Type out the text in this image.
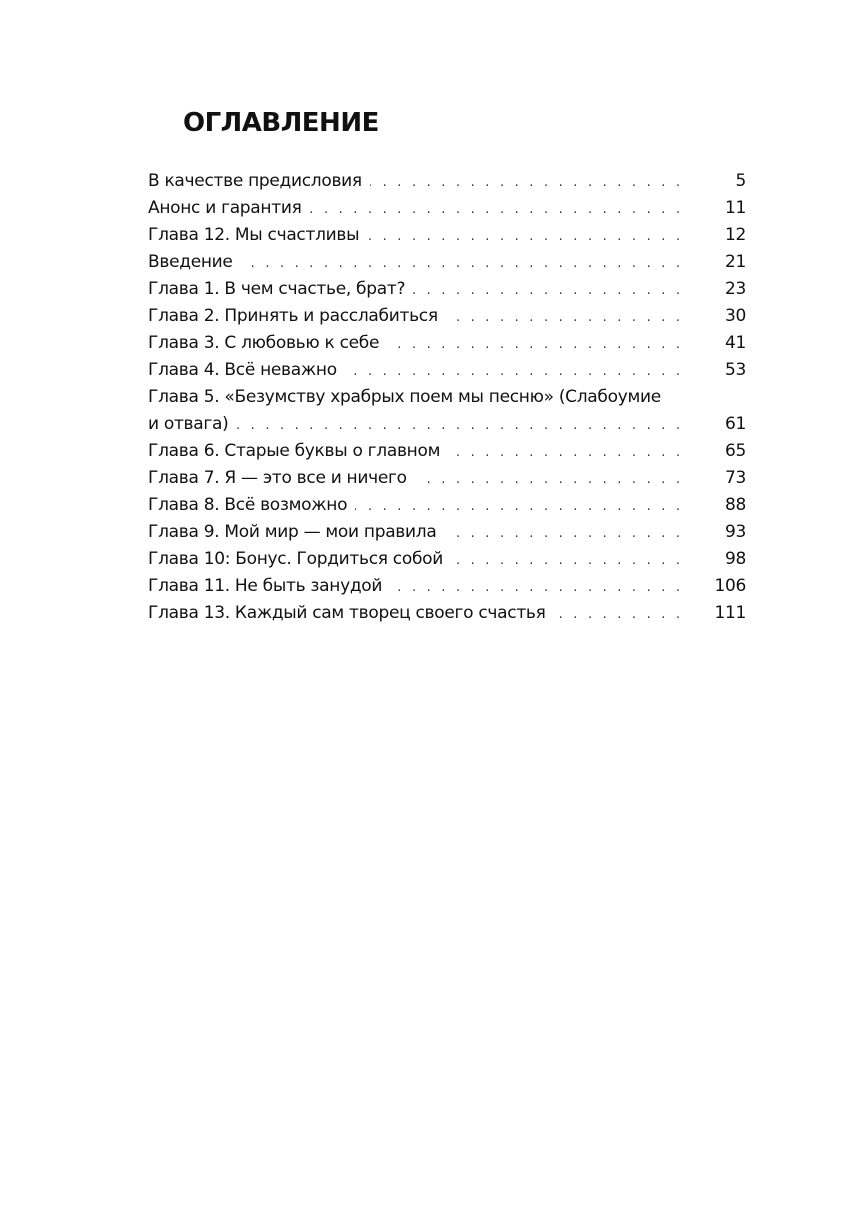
ОГЛАВЛЕНИЕ
. . .
В качестве предисловия	5
. . .
Анонс и гарантия	11
. . .
Глава 12. Мы счастливы	12
. . .
Введение	21
. . .
Глава 1. В чем счастье, брат?	23
. . .
Глава 2. Принять и расслабиться	30
. . .
Глава 3. С любовью к себе	41
. . .
Глава 4. Всё неважно	53
Глава 5. «Безумству храбрых поем мы песню» (Слабоумие
. . .
и отвага)	61
. . .
Глава 6. Старые буквы о главном	65
. . .
Глава 7. Я — это все и ничего	73
. . .
Глава 8. Всё возможно	88
. . .
Глава 9. Мой мир — мои правила	93
. . .
Глава 10: Бонус. Гордиться собой	98
. . .
Глава 11. Не быть занудой	106
. . .
Глава 13. Каждый сам творец своего счастья	111
